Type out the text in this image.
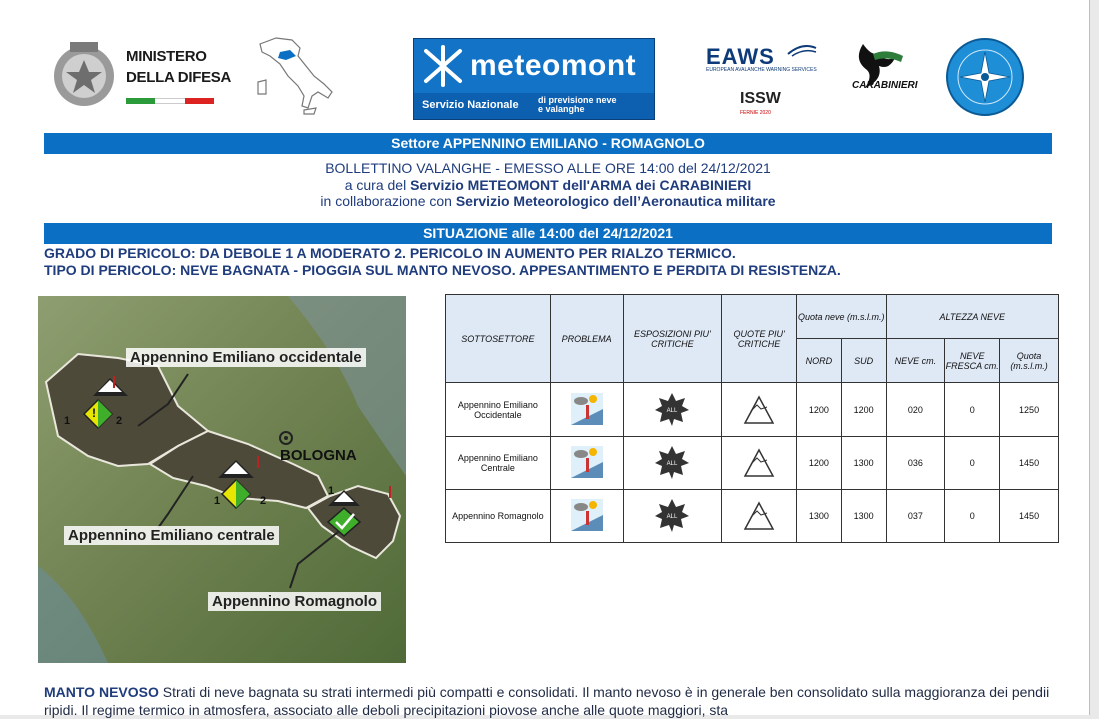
MINISTERO
DELLA DIFESA	meteomont
Servizio Nazionale di previsione neve
e valanghe
EAWS
EUROPEAN AVALANCHE WARNING SERVICES
ISSW
FERNIE 2020
CARABINIERI
Settore APPENNINO EMILIANO - ROMAGNOLO
BOLLETTINO VALANGHE - EMESSO ALLE ORE 14:00 del 24/12/2021
a cura del Servizio METEOMONT dell'ARMA dei CARABINIERI
in collaborazione con Servizio Meteorologico dell’Aeronautica militare
SITUAZIONE alle 14:00 del 24/12/2021
GRADO DI PERICOLO: DA DEBOLE 1 A MODERATO 2. PERICOLO IN AUMENTO PER RIALZO TERMICO.
TIPO DI PERICOLO: NEVE BAGNATA - PIOGGIA SUL MANTO NEVOSO. APPESANTIMENTO E PERDITA DI RESISTENZA.
!
Appennino Emiliano occidentale
BOLOGNA
Appennino Emiliano centrale
Appennino Romagnolo
1	2
1	2
1
SOTTOSETTORE	PROBLEMA	ESPOSIZIONI PIU' CRITICHE	QUOTE PIU' CRITICHE	Quota neve (m.s.l.m.)		ALTEZZA NEVE		
				NORD	SUD	NEVE cm.	NEVE FRESCA cm.	Quota (m.s.l.m.)
Appennino Emiliano Occidentale		ALL		1200	1200	020	0	1250
Appennino Emiliano Centrale		ALL		1200	1300	036	0	1450
Appennino Romagnolo		ALL		1300	1300	037	0	1450
MANTO NEVOSO Strati di neve bagnata su strati intermedi più compatti e consolidati. Il manto nevoso è in generale ben consolidato sulla maggioranza dei pendii ripidi. Il regime termico in atmosfera, associato alle deboli precipitazioni piovose anche alle quote maggiori, sta
